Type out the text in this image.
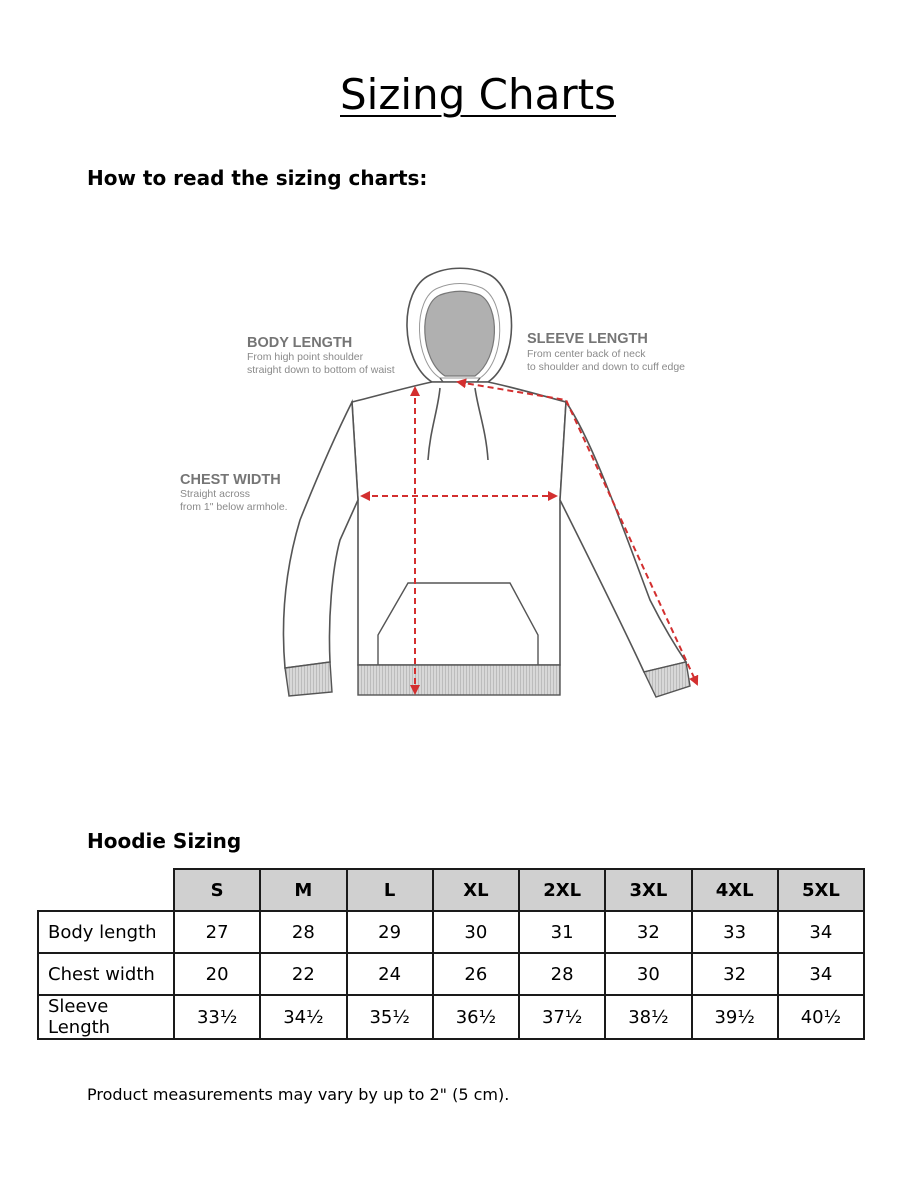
Sizing Charts
How to read the sizing charts:
BODY LENGTH
From high point shoulder
straight down to bottom of waist
SLEEVE LENGTH
From center back of neck
to shoulder and down to cuff edge
CHEST WIDTH
Straight across
from 1" below armhole.
Hoodie Sizing
	S	M	L	XL	2XL	3XL	4XL	5XL
Body length	27	28	29	30	31	32	33	34
Chest width	20	22	24	26	28	30	32	34
Sleeve Length	33½	34½	35½	36½	37½	38½	39½	40½

Product measurements may vary by up to 2" (5 cm).
